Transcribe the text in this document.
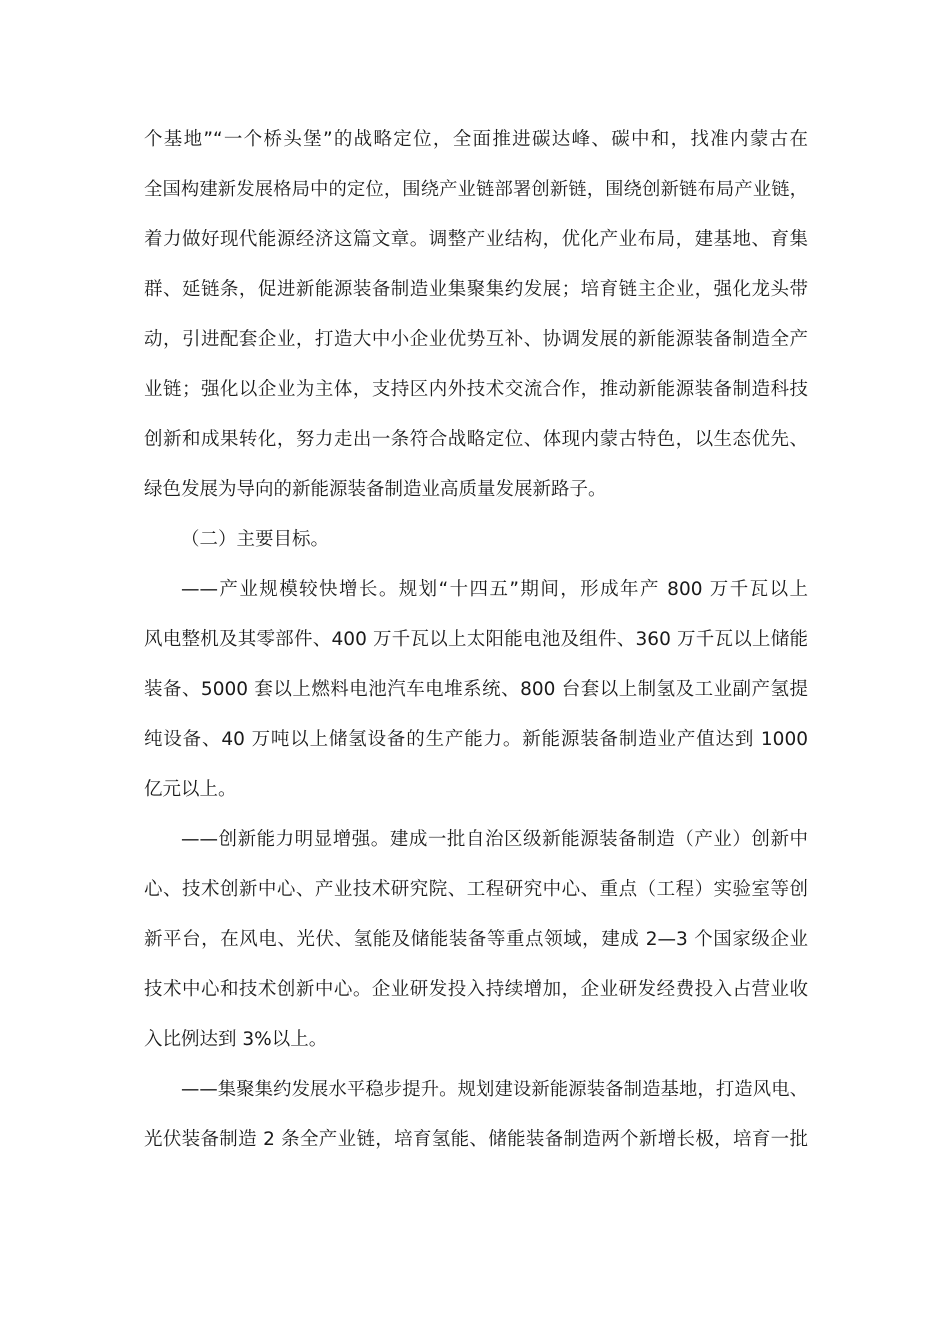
个基地”“一个桥头堡”的战略定位，全面推进碳达峰、碳中和，找准内蒙古在
全国构建新发展格局中的定位，围绕产业链部署创新链，围绕创新链布局产业链，
着力做好现代能源经济这篇文章。调整产业结构，优化产业布局，建基地、育集
群、延链条，促进新能源装备制造业集聚集约发展；培育链主企业，强化龙头带
动，引进配套企业，打造大中小企业优势互补、协调发展的新能源装备制造全产
业链；强化以企业为主体，支持区内外技术交流合作，推动新能源装备制造科技
创新和成果转化，努力走出一条符合战略定位、体现内蒙古特色，以生态优先、
绿色发展为导向的新能源装备制造业高质量发展新路子。
（二）主要目标。
——产业规模较快增长。规划“十四五”期间，形成年产 800 万千瓦以上
风电整机及其零部件、400 万千瓦以上太阳能电池及组件、360 万千瓦以上储能
装备、5000 套以上燃料电池汽车电堆系统、800 台套以上制氢及工业副产氢提
纯设备、40 万吨以上储氢设备的生产能力。新能源装备制造业产值达到 1000
亿元以上。
——创新能力明显增强。建成一批自治区级新能源装备制造（产业）创新中
心、技术创新中心、产业技术研究院、工程研究中心、重点（工程）实验室等创
新平台，在风电、光伏、氢能及储能装备等重点领域，建成 2—3 个国家级企业
技术中心和技术创新中心。企业研发投入持续增加，企业研发经费投入占营业收
入比例达到 3%以上。
——集聚集约发展水平稳步提升。规划建设新能源装备制造基地，打造风电、
光伏装备制造 2 条全产业链，培育氢能、储能装备制造两个新增长极，培育一批
